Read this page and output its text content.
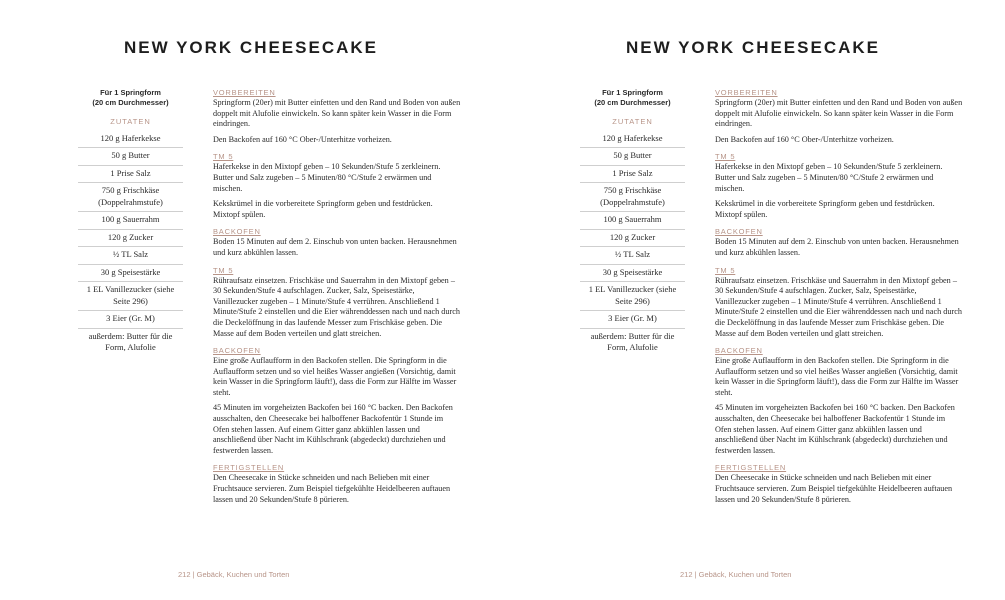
NEW YORK CHEESECAKE
Für 1 Springform
(20 cm Durchmesser)
ZUTATEN
120 g Haferkekse
50 g Butter
1 Prise Salz
750 g Frischkäse (Doppelrahmstufe)
100 g Sauerrahm
120 g Zucker
½ TL Salz
30 g Speisestärke
1 EL Vanillezucker (siehe Seite 296)
3 Eier (Gr. M)
außerdem: Butter für die Form, Alufolie
VORBEREITEN

Springform (20er) mit Butter einfetten und den Rand und Boden von außen doppelt mit Alufolie einwickeln. So kann später kein Wasser in die Form eindringen.

Den Backofen auf 160 °C Ober-/Unterhitze vorheizen.

TM 5

Haferkekse in den Mixtopf geben – 10 Sekunden/Stufe 5 zerkleinern. Butter und Salz zugeben – 5 Minuten/80 °C/Stufe 2 erwärmen und mischen.

Kekskrümel in die vorbereitete Springform geben und festdrücken. Mixtopf spülen.

BACKOFEN

Boden 15 Minuten auf dem 2. Einschub von unten backen. Herausnehmen und kurz abkühlen lassen.

TM 5

Rühraufsatz einsetzen. Frischkäse und Sauerrahm in den Mixtopf geben – 30 Sekunden/Stufe 4 aufschlagen. Zucker, Salz, Speisestärke, Vanillezucker zugeben – 1 Minute/Stufe 4 verrühren. Anschließend 1 Minute/Stufe 2 einstellen und die Eier währenddessen nach und nach durch die Deckelöffnung in das laufende Messer zum Frischkäse geben. Die Masse auf dem Boden verteilen und glatt streichen.

BACKOFEN

Eine große Auflaufform in den Backofen stellen. Die Springform in die Auflaufform setzen und so viel heißes Wasser angießen (Vorsichtig, damit kein Wasser in die Springform läuft!), dass die Form zur Hälfte im Wasser steht.

45 Minuten im vorgeheizten Backofen bei 160 °C backen. Den Backofen ausschalten, den Cheesecake bei halboffener Backofentür 1 Stunde im Ofen stehen lassen. Auf einem Gitter ganz abkühlen lassen und anschließend über Nacht im Kühlschrank (abgedeckt) durchziehen und festwerden lassen.

FERTIGSTELLEN

Den Cheesecake in Stücke schneiden und nach Belieben mit einer Fruchtsauce servieren. Zum Beispiel tiefgekühlte Heidelbeeren auftauen lassen und 20 Sekunden/Stufe 8 pürieren.

212 | Gebäck, Kuchen und Torten
NEW YORK CHEESECAKE
Für 1 Springform
(20 cm Durchmesser)
ZUTATEN
120 g Haferkekse
50 g Butter
1 Prise Salz
750 g Frischkäse (Doppelrahmstufe)
100 g Sauerrahm
120 g Zucker
½ TL Salz
30 g Speisestärke
1 EL Vanillezucker (siehe Seite 296)
3 Eier (Gr. M)
außerdem: Butter für die Form, Alufolie
VORBEREITEN

Springform (20er) mit Butter einfetten und den Rand und Boden von außen doppelt mit Alufolie einwickeln. So kann später kein Wasser in die Form eindringen.

Den Backofen auf 160 °C Ober-/Unterhitze vorheizen.

TM 5

Haferkekse in den Mixtopf geben – 10 Sekunden/Stufe 5 zerkleinern. Butter und Salz zugeben – 5 Minuten/80 °C/Stufe 2 erwärmen und mischen.

Kekskrümel in die vorbereitete Springform geben und festdrücken. Mixtopf spülen.

BACKOFEN

Boden 15 Minuten auf dem 2. Einschub von unten backen. Herausnehmen und kurz abkühlen lassen.

TM 5

Rühraufsatz einsetzen. Frischkäse und Sauerrahm in den Mixtopf geben – 30 Sekunden/Stufe 4 aufschlagen. Zucker, Salz, Speisestärke, Vanillezucker zugeben – 1 Minute/Stufe 4 verrühren. Anschließend 1 Minute/Stufe 2 einstellen und die Eier währenddessen nach und nach durch die Deckelöffnung in das laufende Messer zum Frischkäse geben. Die Masse auf dem Boden verteilen und glatt streichen.

BACKOFEN

Eine große Auflaufform in den Backofen stellen. Die Springform in die Auflaufform setzen und so viel heißes Wasser angießen (Vorsichtig, damit kein Wasser in die Springform läuft!), dass die Form zur Hälfte im Wasser steht.

45 Minuten im vorgeheizten Backofen bei 160 °C backen. Den Backofen ausschalten, den Cheesecake bei halboffener Backofentür 1 Stunde im Ofen stehen lassen. Auf einem Gitter ganz abkühlen lassen und anschließend über Nacht im Kühlschrank (abgedeckt) durchziehen und festwerden lassen.

FERTIGSTELLEN

Den Cheesecake in Stücke schneiden und nach Belieben mit einer Fruchtsauce servieren. Zum Beispiel tiefgekühlte Heidelbeeren auftauen lassen und 20 Sekunden/Stufe 8 pürieren.

212 | Gebäck, Kuchen und Torten
